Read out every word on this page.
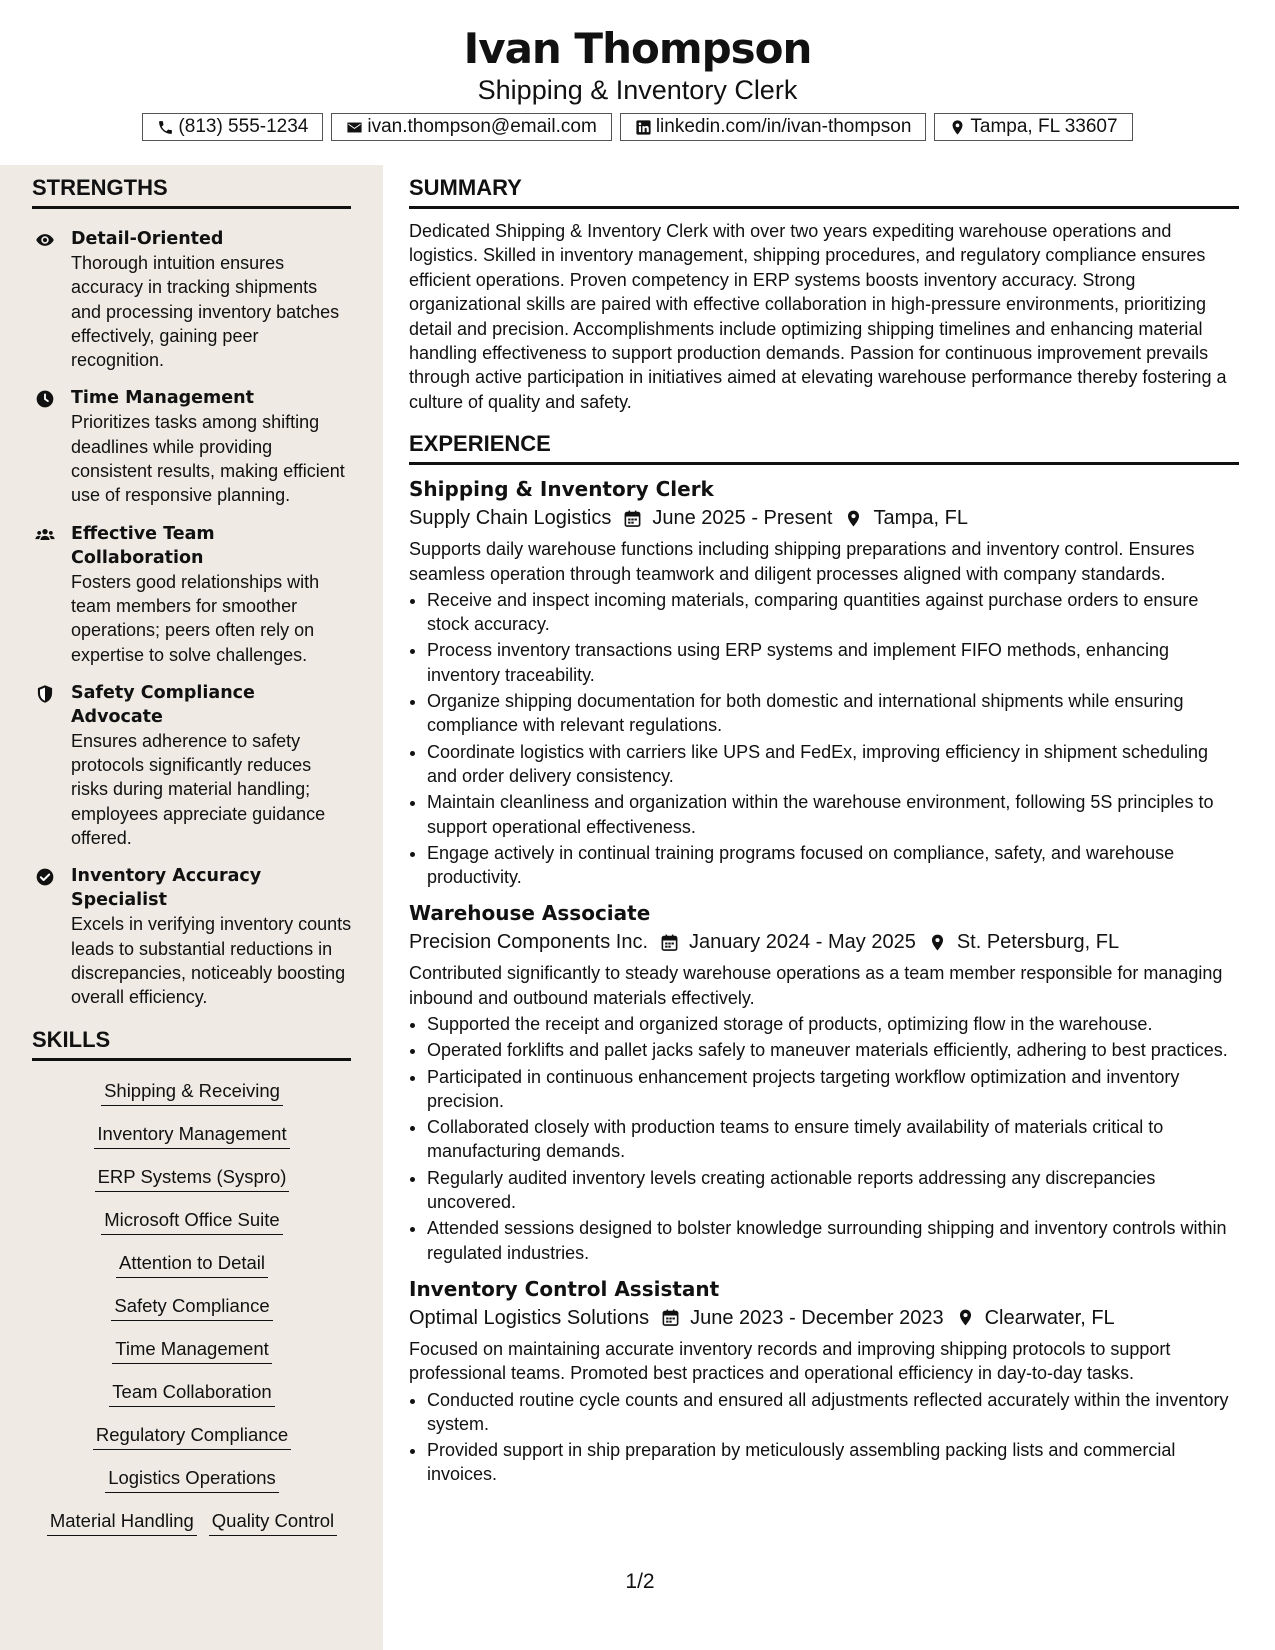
Ivan Thompson
Shipping & Inventory Clerk
(813) 555-1234	ivan.thompson@email.com	linkedin.com/in/ivan-thompson	Tampa, FL 33607
STRENGTHS
Detail-Oriented
Thorough intuition ensures accuracy in tracking shipments and processing inventory batches effectively, gaining peer recognition.
Time Management
Prioritizes tasks among shifting deadlines while providing consistent results, making efficient use of responsive planning.
Effective Team Collaboration
Fosters good relationships with team members for smoother operations; peers often rely on expertise to solve challenges.
Safety Compliance Advocate
Ensures adherence to safety protocols significantly reduces risks during material handling; employees appreciate guidance offered.
Inventory Accuracy Specialist
Excels in verifying inventory counts leads to substantial reductions in discrepancies, noticeably boosting overall efficiency.
SKILLS
Shipping & Receiving
Inventory Management
ERP Systems (Syspro)
Microsoft Office Suite
Attention to Detail
Safety Compliance
Time Management
Team Collaboration
Regulatory Compliance
Logistics Operations
Material Handling Quality Control
SUMMARY

Dedicated Shipping & Inventory Clerk with over two years expediting warehouse operations and logistics. Skilled in inventory management, shipping procedures, and regulatory compliance ensures efficient operations. Proven competency in ERP systems boosts inventory accuracy. Strong organizational skills are paired with effective collaboration in high-pressure environments, prioritizing detail and precision. Accomplishments include optimizing shipping timelines and enhancing material handling effectiveness to support production demands. Passion for continuous improvement prevails through active participation in initiatives aimed at elevating warehouse performance thereby fostering a culture of quality and safety.

EXPERIENCE
Shipping & Inventory Clerk
Supply Chain Logistics June 2025 - Present Tampa, FL
Supports daily warehouse functions including shipping preparations and inventory control. Ensures seamless operation through teamwork and diligent processes aligned with company standards.
• Receive and inspect incoming materials, comparing quantities against purchase orders to ensure stock accuracy.
• Process inventory transactions using ERP systems and implement FIFO methods, enhancing inventory traceability.
• Organize shipping documentation for both domestic and international shipments while ensuring compliance with relevant regulations.
• Coordinate logistics with carriers like UPS and FedEx, improving efficiency in shipment scheduling and order delivery consistency.
• Maintain cleanliness and organization within the warehouse environment, following 5S principles to support operational effectiveness.
• Engage actively in continual training programs focused on compliance, safety, and warehouse productivity.
Warehouse Associate
Precision Components Inc. January 2024 - May 2025 St. Petersburg, FL
Contributed significantly to steady warehouse operations as a team member responsible for managing inbound and outbound materials effectively.
• Supported the receipt and organized storage of products, optimizing flow in the warehouse.
• Operated forklifts and pallet jacks safely to maneuver materials efficiently, adhering to best practices.
• Participated in continuous enhancement projects targeting workflow optimization and inventory precision.
• Collaborated closely with production teams to ensure timely availability of materials critical to manufacturing demands.
• Regularly audited inventory levels creating actionable reports addressing any discrepancies uncovered.
• Attended sessions designed to bolster knowledge surrounding shipping and inventory controls within regulated industries.
Inventory Control Assistant
Optimal Logistics Solutions June 2023 - December 2023 Clearwater, FL
Focused on maintaining accurate inventory records and improving shipping protocols to support professional teams. Promoted best practices and operational efficiency in day-to-day tasks.
• Conducted routine cycle counts and ensured all adjustments reflected accurately within the inventory system.
• Provided support in ship preparation by meticulously assembling packing lists and commercial invoices.
1/2
